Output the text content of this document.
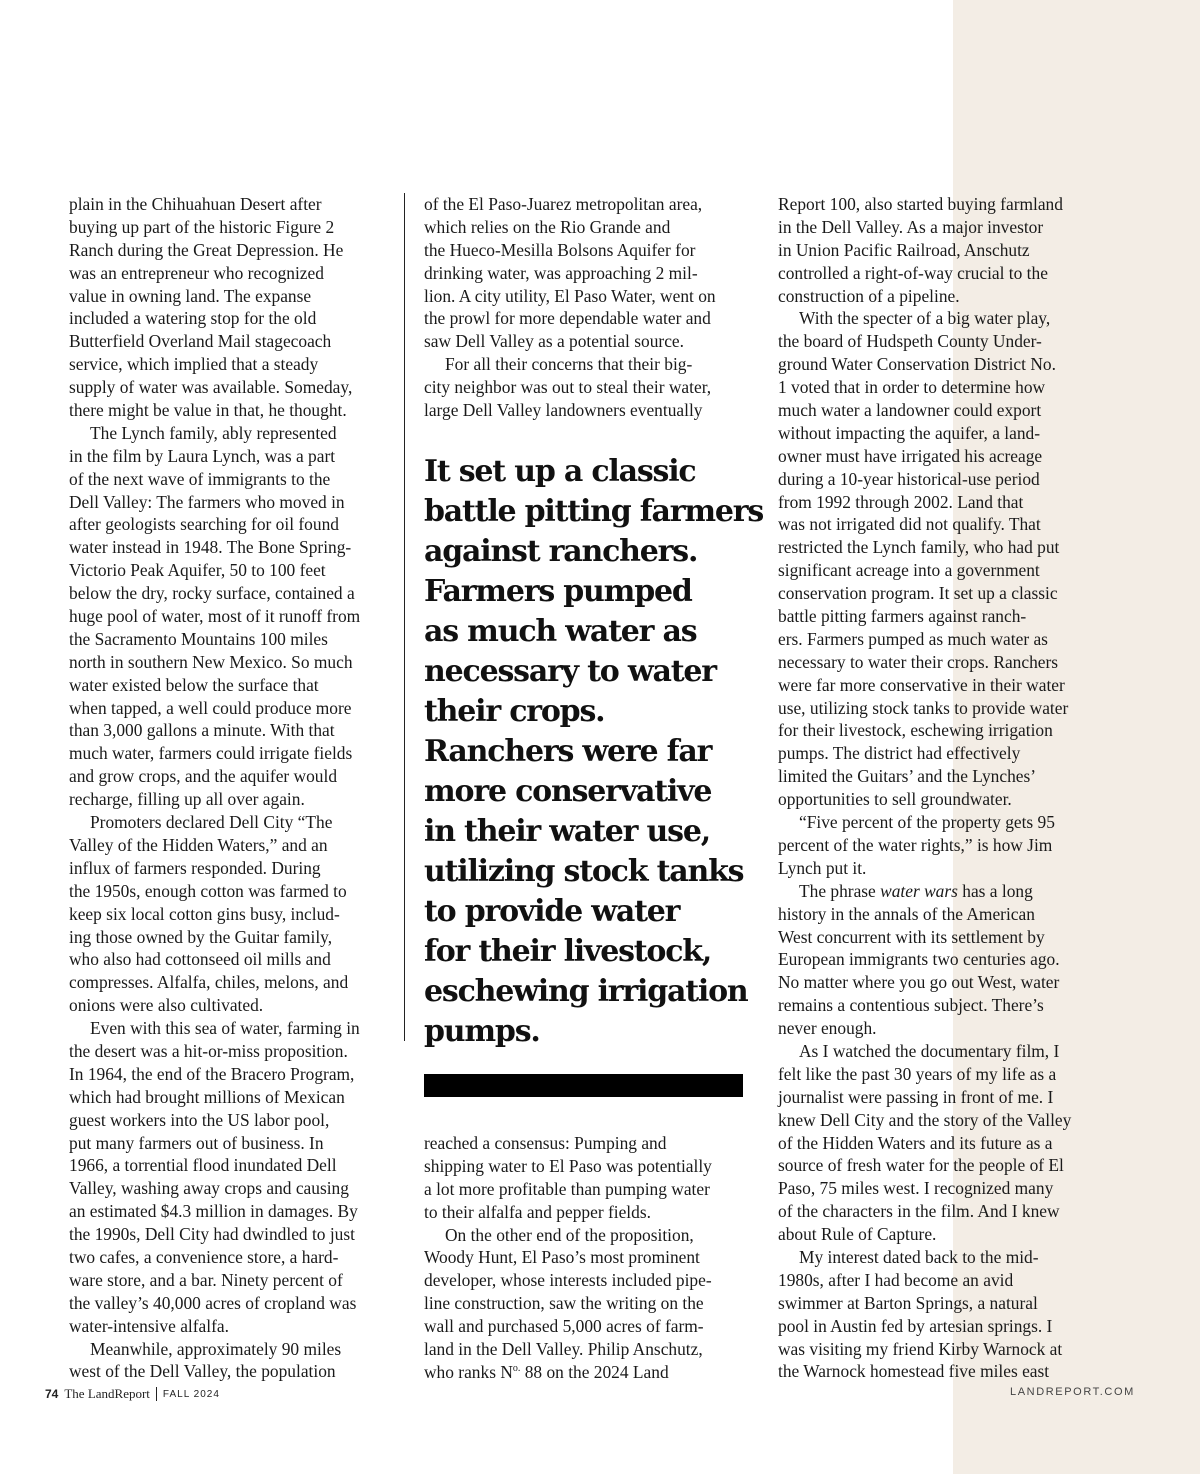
plain in the Chihuahuan Desert after
buying up part of the historic Figure 2
Ranch during the Great Depression. He
was an entrepreneur who recognized
value in owning land. The expanse
included a watering stop for the old
Butterfield Overland Mail stagecoach
service, which implied that a steady
supply of water was available. Someday,
there might be value in that, he thought.
The Lynch family, ably represented
in the film by Laura Lynch, was a part
of the next wave of immigrants to the
Dell Valley: The farmers who moved in
after geologists searching for oil found
water instead in 1948. The Bone Spring-
Victorio Peak Aquifer, 50 to 100 feet
below the dry, rocky surface, contained a
huge pool of water, most of it runoff from
the Sacramento Mountains 100 miles
north in southern New Mexico. So much
water existed below the surface that
when tapped, a well could produce more
than 3,000 gallons a minute. With that
much water, farmers could irrigate fields
and grow crops, and the aquifer would
recharge, filling up all over again.
Promoters declared Dell City “The
Valley of the Hidden Waters,” and an
influx of farmers responded. During
the 1950s, enough cotton was farmed to
keep six local cotton gins busy, includ-
ing those owned by the Guitar family,
who also had cottonseed oil mills and
compresses. Alfalfa, chiles, melons, and
onions were also cultivated.
Even with this sea of water, farming in
the desert was a hit-or-miss proposition.
In 1964, the end of the Bracero Program,
which had brought millions of Mexican
guest workers into the US labor pool,
put many farmers out of business. In
1966, a torrential flood inundated Dell
Valley, washing away crops and causing
an estimated $4.3 million in damages. By
the 1990s, Dell City had dwindled to just
two cafes, a convenience store, a hard-
ware store, and a bar. Ninety percent of
the valley’s 40,000 acres of cropland was
water-intensive alfalfa.
Meanwhile, approximately 90 miles
west of the Dell Valley, the population
of the El Paso-Juarez metropolitan area,
which relies on the Rio Grande and
the Hueco-Mesilla Bolsons Aquifer for
drinking water, was approaching 2 mil-
lion. A city utility, El Paso Water, went on
the prowl for more dependable water and
saw Dell Valley as a potential source.
For all their concerns that their big-
city neighbor was out to steal their water,
large Dell Valley landowners eventually
It set up a classic
battle pitting farmers
against ranchers.
Farmers pumped
as much water as
necessary to water
their crops.
Ranchers were far
more conservative
in their water use,
utilizing stock tanks
to provide water
for their livestock,
eschewing irrigation
pumps.
reached a consensus: Pumping and
shipping water to El Paso was potentially
a lot more profitable than pumping water
to their alfalfa and pepper fields.
On the other end of the proposition,
Woody Hunt, El Paso’s most prominent
developer, whose interests included pipe-
line construction, saw the writing on the
wall and purchased 5,000 acres of farm-
land in the Dell Valley. Philip Anschutz,
who ranks $N^{o.}$ 88 on the 2024 Land
Report 100, also started buying farmland
in the Dell Valley. As a major investor
in Union Pacific Railroad, Anschutz
controlled a right-of-way crucial to the
construction of a pipeline.
With the specter of a big water play,
the board of Hudspeth County Under-
ground Water Conservation District No.
1 voted that in order to determine how
much water a landowner could export
without impacting the aquifer, a land-
owner must have irrigated his acreage
during a 10-year historical-use period
from 1992 through 2002. Land that
was not irrigated did not qualify. That
restricted the Lynch family, who had put
significant acreage into a government
conservation program. It set up a classic
battle pitting farmers against ranch-
ers. Farmers pumped as much water as
necessary to water their crops. Ranchers
were far more conservative in their water
use, utilizing stock tanks to provide water
for their livestock, eschewing irrigation
pumps. The district had effectively
limited the Guitars’ and the Lynches’
opportunities to sell groundwater.
“Five percent of the property gets 95
percent of the water rights,” is how Jim
Lynch put it.
The phrase water wars has a long
history in the annals of the American
West concurrent with its settlement by
European immigrants two centuries ago.
No matter where you go out West, water
remains a contentious subject. There’s
never enough.
As I watched the documentary film, I
felt like the past 30 years of my life as a
journalist were passing in front of me. I
knew Dell City and the story of the Valley
of the Hidden Waters and its future as a
source of fresh water for the people of El
Paso, 75 miles west. I recognized many
of the characters in the film. And I knew
about Rule of Capture.
My interest dated back to the mid-
1980s, after I had become an avid
swimmer at Barton Springs, a natural
pool in Austin fed by artesian springs. I
was visiting my friend Kirby Warnock at
the Warnock homestead five miles east
74 The LandReport FALL 2024	LANDREPORT.COM
